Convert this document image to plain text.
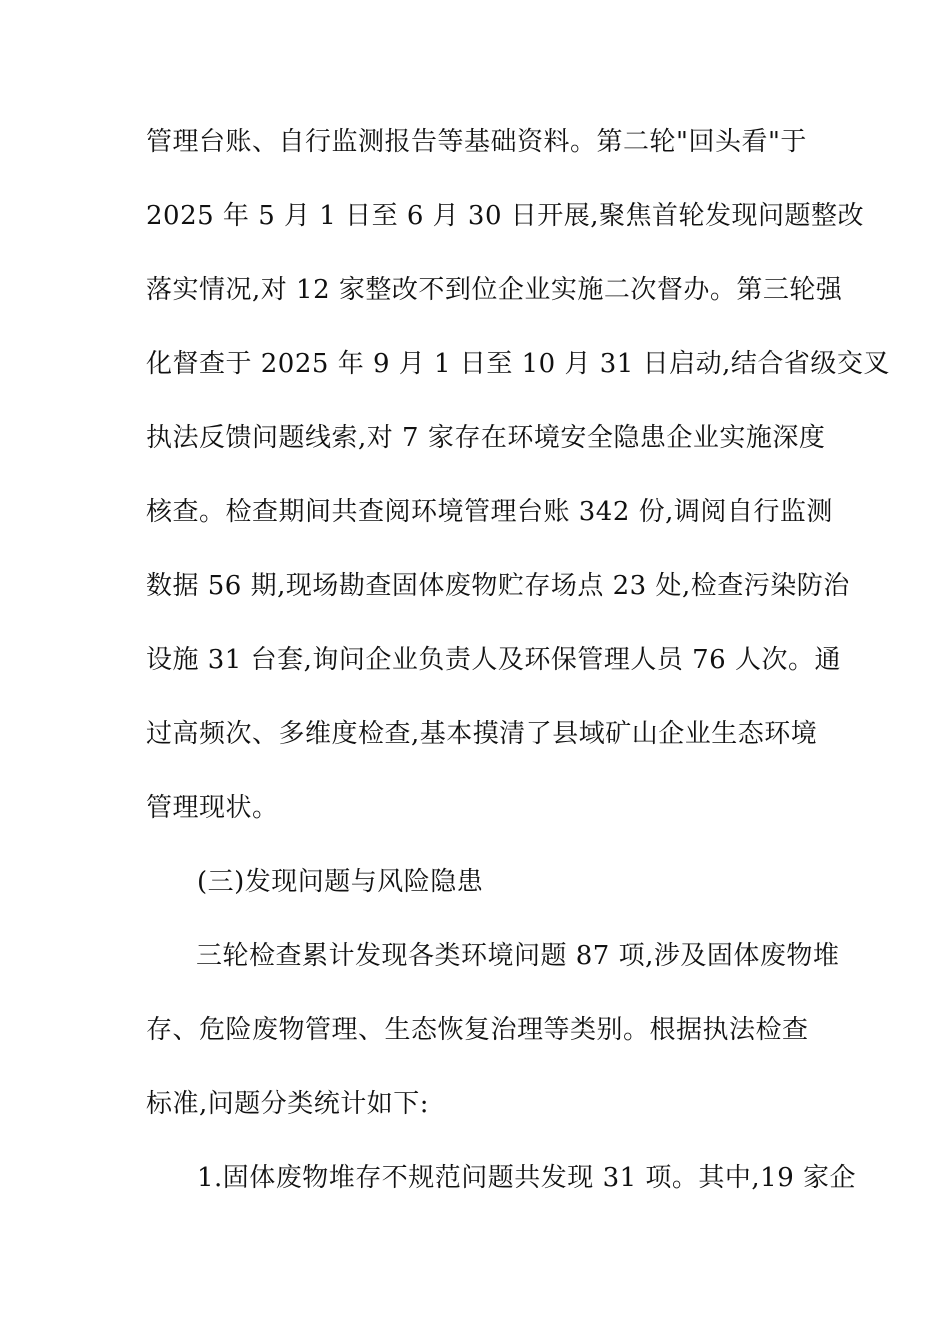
管理台账、自行监测报告等基础资料。第二轮"回头看"于
2025 年 5 月 1 日至 6 月 30 日开展,聚焦首轮发现问题整改
落实情况,对 12 家整改不到位企业实施二次督办。第三轮强
化督查于 2025 年 9 月 1 日至 10 月 31 日启动,结合省级交叉
执法反馈问题线索,对 7 家存在环境安全隐患企业实施深度
核查。检查期间共查阅环境管理台账 342 份,调阅自行监测
数据 56 期,现场勘查固体废物贮存场点 23 处,检查污染防治
设施 31 台套,询问企业负责人及环保管理人员 76 人次。通
过高频次、多维度检查,基本摸清了县域矿山企业生态环境
管理现状。
(三)发现问题与风险隐患
三轮检查累计发现各类环境问题 87 项,涉及固体废物堆
存、危险废物管理、生态恢复治理等类别。根据执法检查
标准,问题分类统计如下:
1.固体废物堆存不规范问题共发现 31 项。其中,19 家企
